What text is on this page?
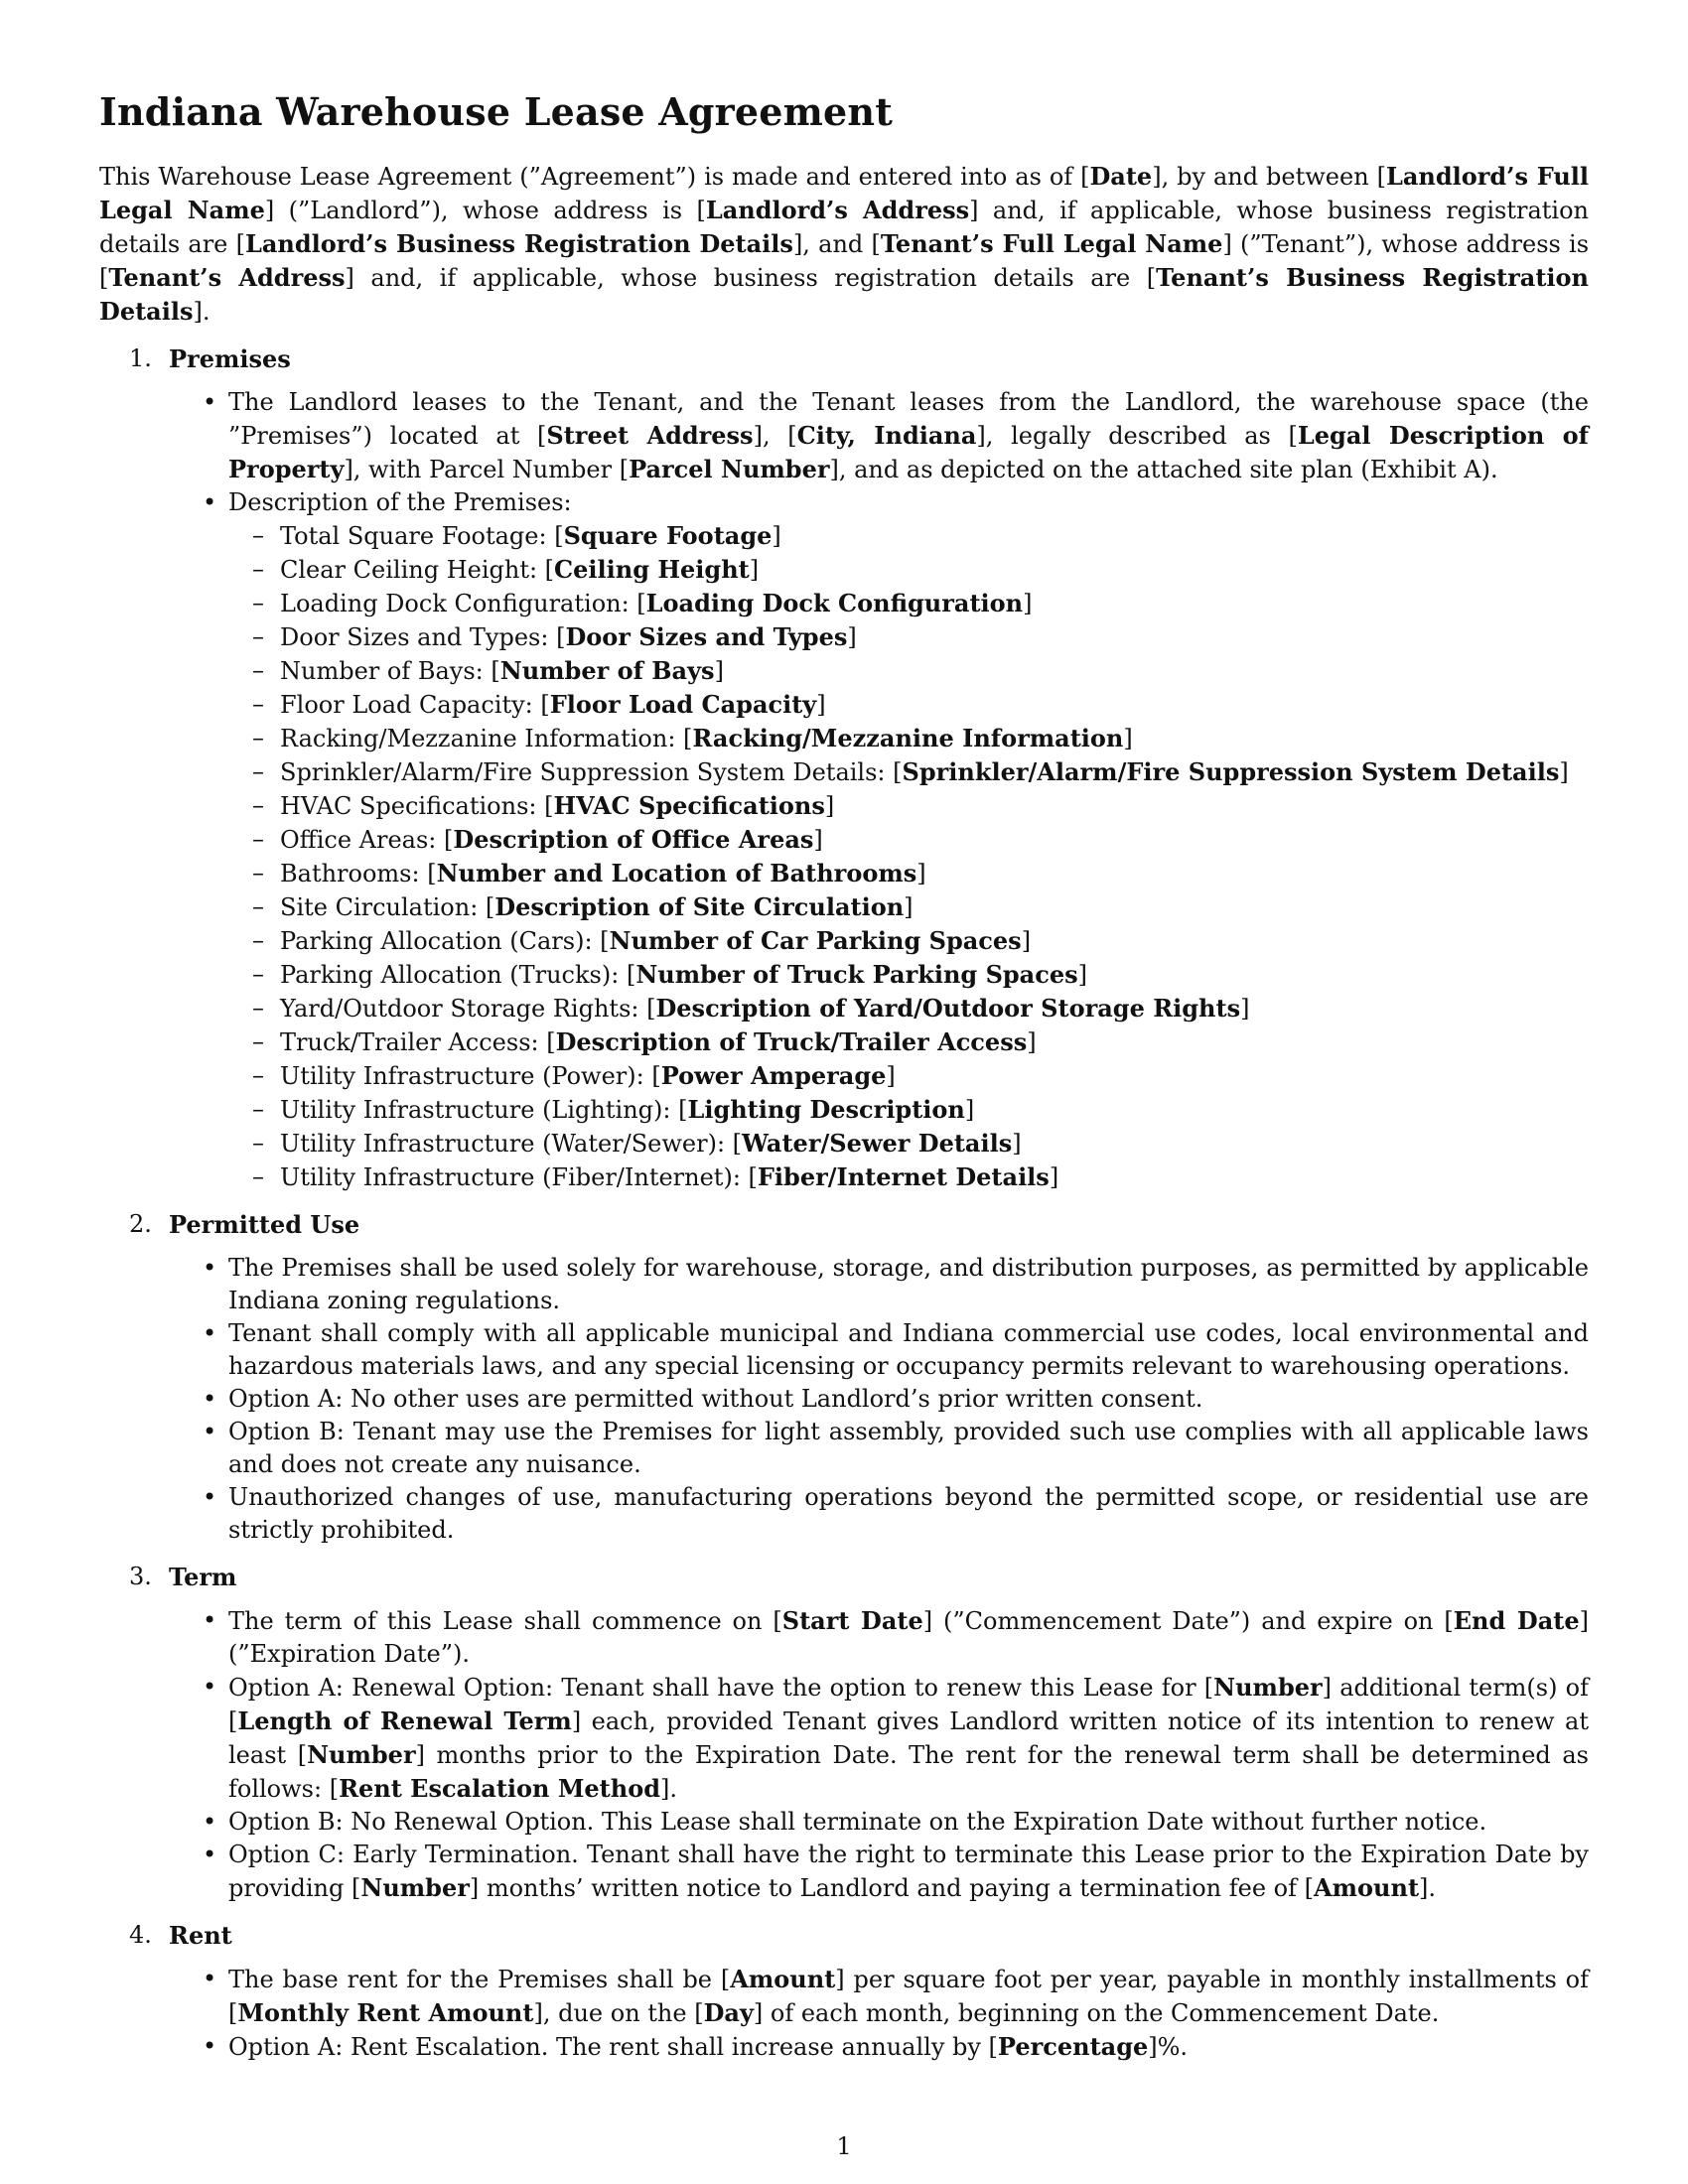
Indiana Warehouse Lease Agreement

This Warehouse Lease Agreement (”Agreement”) is made and entered into as of [Date], by and between [Landlord’s Full Legal Name] (”Landlord”), whose address is [Landlord’s Address] and, if applicable, whose business registration details are [Landlord’s Business Registration Details], and [Tenant’s Full Legal Name] (”Tenant”), whose address is [Tenant’s Address] and, if applicable, whose business registration details are [Tenant’s Business Registration Details].

1. Premises
• The Landlord leases to the Tenant, and the Tenant leases from the Landlord, the warehouse space (the ”Premises”) located at [Street Address], [City, Indiana], legally described as [Legal Description of Property], with Parcel Number [Parcel Number], and as depicted on the attached site plan (Exhibit A).
• Description of the Premises:
– Total Square Footage: [Square Footage]
– Clear Ceiling Height: [Ceiling Height]
– Loading Dock Configuration: [Loading Dock Configuration]
– Door Sizes and Types: [Door Sizes and Types]
– Number of Bays: [Number of Bays]
– Floor Load Capacity: [Floor Load Capacity]
– Racking/Mezzanine Information: [Racking/Mezzanine Information]
– Sprinkler/Alarm/Fire Suppression System Details: [Sprinkler/Alarm/Fire Suppression System Details]
– HVAC Specifications: [HVAC Specifications]
– Office Areas: [Description of Office Areas]
– Bathrooms: [Number and Location of Bathrooms]
– Site Circulation: [Description of Site Circulation]
– Parking Allocation (Cars): [Number of Car Parking Spaces]
– Parking Allocation (Trucks): [Number of Truck Parking Spaces]
– Yard/Outdoor Storage Rights: [Description of Yard/Outdoor Storage Rights]
– Truck/Trailer Access: [Description of Truck/Trailer Access]
– Utility Infrastructure (Power): [Power Amperage]
– Utility Infrastructure (Lighting): [Lighting Description]
– Utility Infrastructure (Water/Sewer): [Water/Sewer Details]
– Utility Infrastructure (Fiber/Internet): [Fiber/Internet Details]
2. Permitted Use
• The Premises shall be used solely for warehouse, storage, and distribution purposes, as permitted by applicable Indiana zoning regulations.
• Tenant shall comply with all applicable municipal and Indiana commercial use codes, local environmental and hazardous materials laws, and any special licensing or occupancy permits relevant to warehousing operations.
• Option A: No other uses are permitted without Landlord’s prior written consent.
• Option B: Tenant may use the Premises for light assembly, provided such use complies with all applicable laws and does not create any nuisance.
• Unauthorized changes of use, manufacturing operations beyond the permitted scope, or residential use are strictly prohibited.
3. Term
• The term of this Lease shall commence on [Start Date] (”Commencement Date”) and expire on [End Date] (”Expiration Date”).
• Option A: Renewal Option: Tenant shall have the option to renew this Lease for [Number] additional term(s) of [Length of Renewal Term] each, provided Tenant gives Landlord written notice of its intention to renew at least [Number] months prior to the Expiration Date. The rent for the renewal term shall be determined as follows: [Rent Escalation Method].
• Option B: No Renewal Option. This Lease shall terminate on the Expiration Date without further notice.
• Option C: Early Termination. Tenant shall have the right to terminate this Lease prior to the Expiration Date by providing [Number] months’ written notice to Landlord and paying a termination fee of [Amount].
4. Rent
• The base rent for the Premises shall be [Amount] per square foot per year, payable in monthly installments of [Monthly Rent Amount], due on the [Day] of each month, beginning on the Commencement Date.
• Option A: Rent Escalation. The rent shall increase annually by [Percentage]%.
1
